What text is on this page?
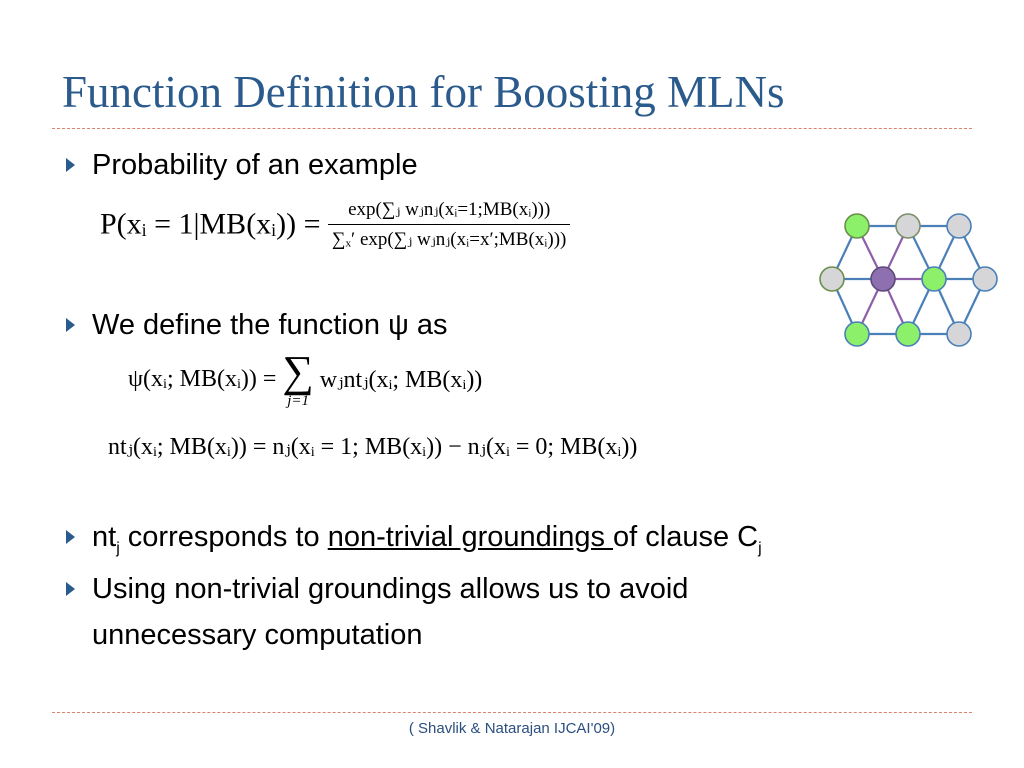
Function Definition for Boosting MLNs
Probability of an example
P(xᵢ = 1|MB(xᵢ)) = $\frac{\text{exp(∑ⱼ wⱼnⱼ(xᵢ=1;MB(xᵢ)))}}{\text{∑ₓ′ exp(∑ⱼ wⱼnⱼ(xᵢ=x′;MB(xᵢ)))}}$
We define the function ψ as
ψ(xᵢ; MB(xᵢ)) = ∑
j=1
wⱼntⱼ(xᵢ; MB(xᵢ))
ntⱼ(xᵢ; MB(xᵢ)) = nⱼ(xᵢ = 1; MB(xᵢ)) − nⱼ(xᵢ = 0; MB(xᵢ))
$nt_j$ corresponds to non-trivial groundings of clause $C_j$
Using non-trivial groundings allows us to avoid
unnecessary computation
( Shavlik & Natarajan IJCAI'09)
